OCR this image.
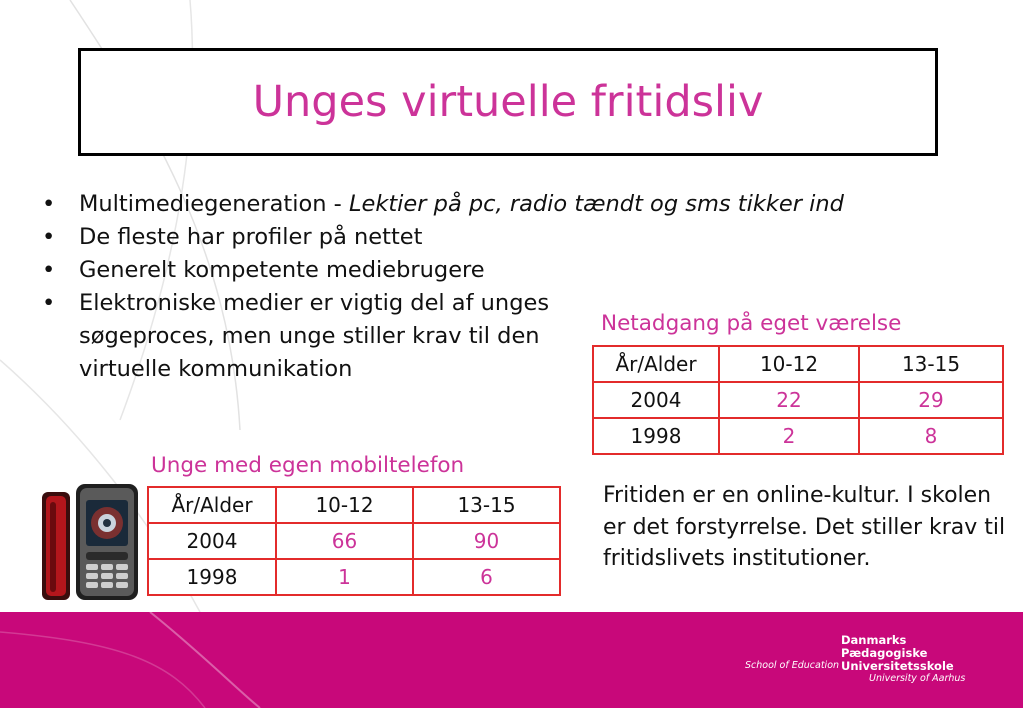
Unges virtuelle fritidsliv
• Multimediegeneration - Lektier på pc, radio tændt og sms tikker ind
• De fleste har profiler på nettet
• Generelt kompetente mediebrugere
• Elektroniske medier er vigtig del af unges søgeproces, men unge stiller krav til den virtuelle kommunikation
Netadgang på eget værelse
År/Alder	10-12	13-15
2004	22	29
1998	2	8
Unge med egen mobiltelefon
År/Alder	10-12	13-15
2004	66	90
1998	1	6
Fritiden er en online-kultur. I skolen er det forstyrrelse. Det stiller krav til fritidslivets institutioner.
Danmarks
Pædagogiske
Universitetsskole
School of Education
University of Aarhus
